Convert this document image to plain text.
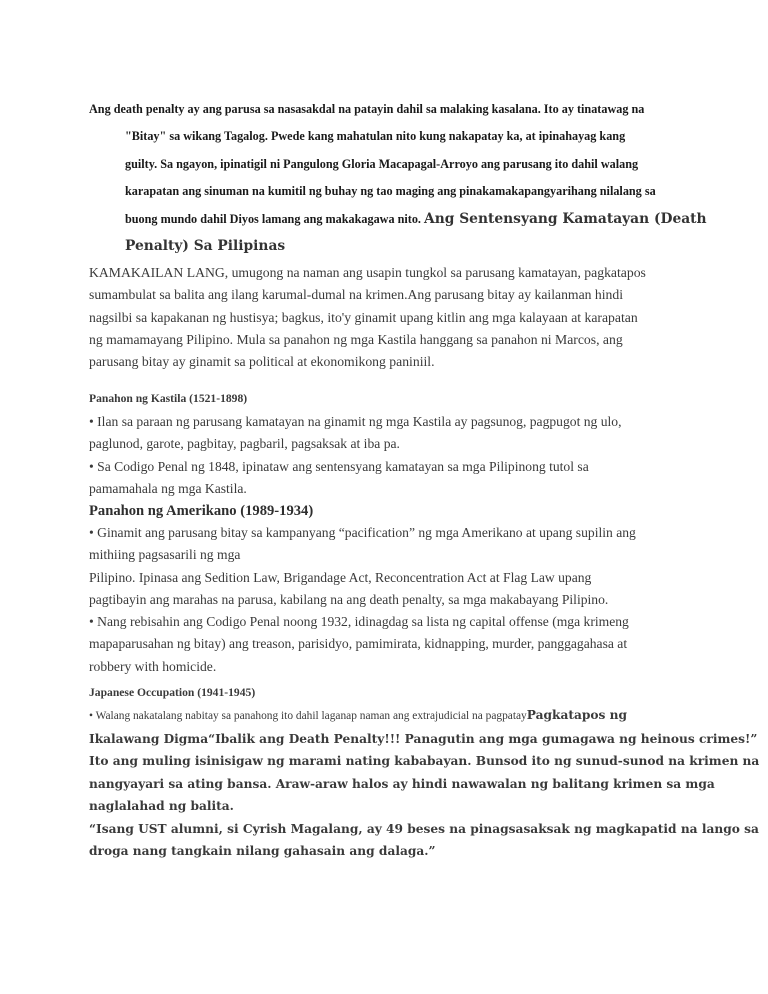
Ang death penalty ay ang parusa sa nasasakdal na patayin dahil sa malaking kasalana. Ito ay tinatawag na
"Bitay" sa wikang Tagalog. Pwede kang mahatulan nito kung nakapatay ka, at ipinahayag kang
guilty. Sa ngayon, ipinatigil ni Pangulong Gloria Macapagal-Arroyo ang parusang ito dahil walang
karapatan ang sinuman na kumitil ng buhay ng tao maging ang pinakamakapangyarihang nilalang sa
buong mundo dahil Diyos lamang ang makakagawa nito. Ang Sentensyang Kamatayan (Death
Penalty) Sa Pilipinas
KAMAKAILAN LANG, umugong na naman ang usapin tungkol sa parusang kamatayan, pagkatapos
sumambulat sa balita ang ilang karumal-dumal na krimen.Ang parusang bitay ay kailanman hindi
nagsilbi sa kapakanan ng hustisya; bagkus, ito'y ginamit upang kitlin ang mga kalayaan at karapatan
ng mamamayang Pilipino. Mula sa panahon ng mga Kastila hanggang sa panahon ni Marcos, ang
parusang bitay ay ginamit sa political at ekonomikong paniniil.
Panahon ng Kastila (1521-1898)
• Ilan sa paraan ng parusang kamatayan na ginamit ng mga Kastila ay pagsunog, pagpugot ng ulo,
paglunod, garote, pagbitay, pagbaril, pagsaksak at iba pa.
• Sa Codigo Penal ng 1848, ipinataw ang sentensyang kamatayan sa mga Pilipinong tutol sa
pamamahala ng mga Kastila.
Panahon ng Amerikano (1989-1934)
• Ginamit ang parusang bitay sa kampanyang “pacification” ng mga Amerikano at upang supilin ang
mithiing pagsasarili ng mga
Pilipino. Ipinasa ang Sedition Law, Brigandage Act, Reconcentration Act at Flag Law upang
pagtibayin ang marahas na parusa, kabilang na ang death penalty, sa mga makabayang Pilipino.
• Nang rebisahin ang Codigo Penal noong 1932, idinagdag sa lista ng capital offense (mga krimeng
mapaparusahan ng bitay) ang treason, parisidyo, pamimirata, kidnapping, murder, panggagahasa at
robbery with homicide.
Japanese Occupation (1941-1945)
• Walang nakatalang nabitay sa panahong ito dahil laganap naman ang extrajudicial na pagpatayPagkatapos ng
Ikalawang Digma“Ibalik ang Death Penalty!!! Panagutin ang mga gumagawa ng heinous crimes!”
Ito ang muling isinisigaw ng marami nating kababayan. Bunsod ito ng sunud-sunod na krimen na
nangyayari sa ating bansa. Araw-araw halos ay hindi nawawalan ng balitang krimen sa mga
naglalahad ng balita.
“Isang UST alumni, si Cyrish Magalang, ay 49 beses na pinagsasaksak ng magkapatid na lango sa
droga nang tangkain nilang gahasain ang dalaga.”
